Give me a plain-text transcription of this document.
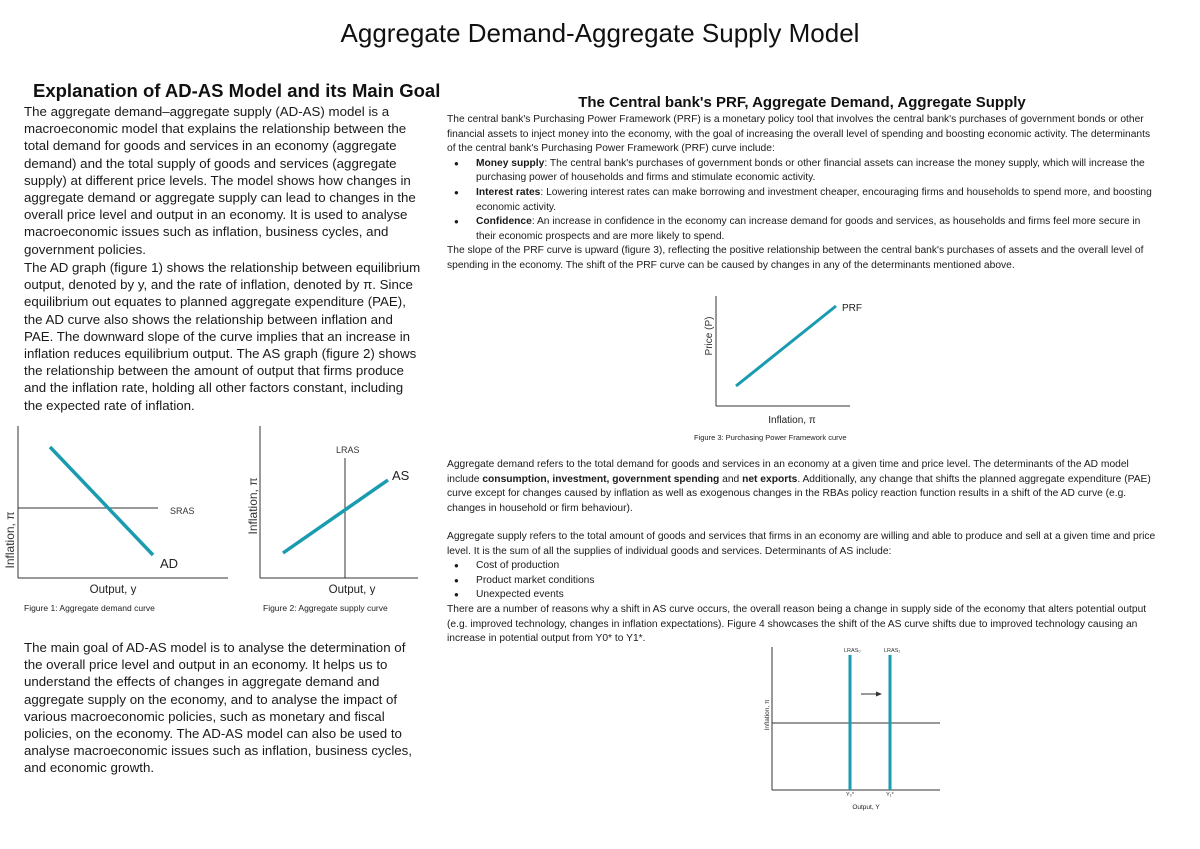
Aggregate Demand-Aggregate Supply Model
Explanation of AD-AS Model and its Main Goal
The aggregate demand–aggregate supply (AD-AS) model is a macroeconomic model that explains the relationship between the total demand for goods and services in an economy (aggregate demand) and the total supply of goods and services (aggregate supply) at different price levels. The model shows how changes in aggregate demand or aggregate supply can lead to changes in the overall price level and output in an economy. It is used to analyse macroeconomic issues such as inflation, business cycles, and government policies.
The AD graph (figure 1) shows the relationship between equilibrium output, denoted by y, and the rate of inflation, denoted by π. Since equilibrium out equates to planned aggregate expenditure (PAE), the AD curve also shows the relationship between inflation and PAE. The downward slope of the curve implies that an increase in inflation reduces equilibrium output. The AS graph (figure 2) shows the relationship between the amount of output that firms produce and the inflation rate, holding all other factors constant, including the expected rate of inflation.
The main goal of AD-AS model is to analyse the determination of the overall price level and output in an economy. It helps us to understand the effects of changes in aggregate demand and aggregate supply on the economy, and to analyse the impact of various macroeconomic policies, such as monetary and fiscal policies, on the economy. The AD-AS model can also be used to analyse macroeconomic issues such as inflation, business cycles, and economic growth.
Inflation, π
SRAS
AD
Output, y
Figure 1: Aggregate demand curve
Inflation, π
LRAS
AS
Output, y
Figure 2: Aggregate supply curve
The Central bank's PRF, Aggregate Demand, Aggregate Supply
The central bank's Purchasing Power Framework (PRF) is a monetary policy tool that involves the central bank's purchases of government bonds or other financial assets to inject money into the economy, with the goal of increasing the overall level of spending and boosting economic activity. The determinants of the central bank's Purchasing Power Framework (PRF) curve include:
● Money supply: The central bank's purchases of government bonds or other financial assets can increase the money supply, which will increase the purchasing power of households and firms and stimulate economic activity.
● Interest rates: Lowering interest rates can make borrowing and investment cheaper, encouraging firms and households to spend more, and boosting economic activity.
● Confidence: An increase in confidence in the economy can increase demand for goods and services, as households and firms feel more secure in their economic prospects and are more likely to spend.
The slope of the PRF curve is upward (figure 3), reflecting the positive relationship between the central bank's purchases of assets and the overall level of spending in the economy. The shift of the PRF curve can be caused by changes in any of the determinants mentioned above.
Price (P)
PRF
Inflation, π
Figure 3: Purchasing Power Framework curve
Aggregate demand refers to the total demand for goods and services in an economy at a given time and price level. The determinants of the AD model include consumption, investment, government spending and net exports. Additionally, any change that shifts the planned aggregate expenditure (PAE) curve except for changes caused by inflation as well as exogenous changes in the RBAs policy reaction function results in a shift of the AD curve (e.g. changes in household or firm behaviour).
Aggregate supply refers to the total amount of goods and services that firms in an economy are willing and able to produce and sell at a given time and price level. It is the sum of all the supplies of individual goods and services. Determinants of AS include:
● Cost of production
● Product market conditions
● Unexpected events
There are a number of reasons why a shift in AS curve occurs, the overall reason being a change in supply side of the economy that alters potential output (e.g. improved technology, changes in inflation expectations). Figure 4 showcases the shift of the AS curve shifts due to improved technology causing an increase in potential output from Y0* to Y1*.
LRAS₀	LRAS₁
Inflation, π
Y₀*	Y₁*
Output, Y
